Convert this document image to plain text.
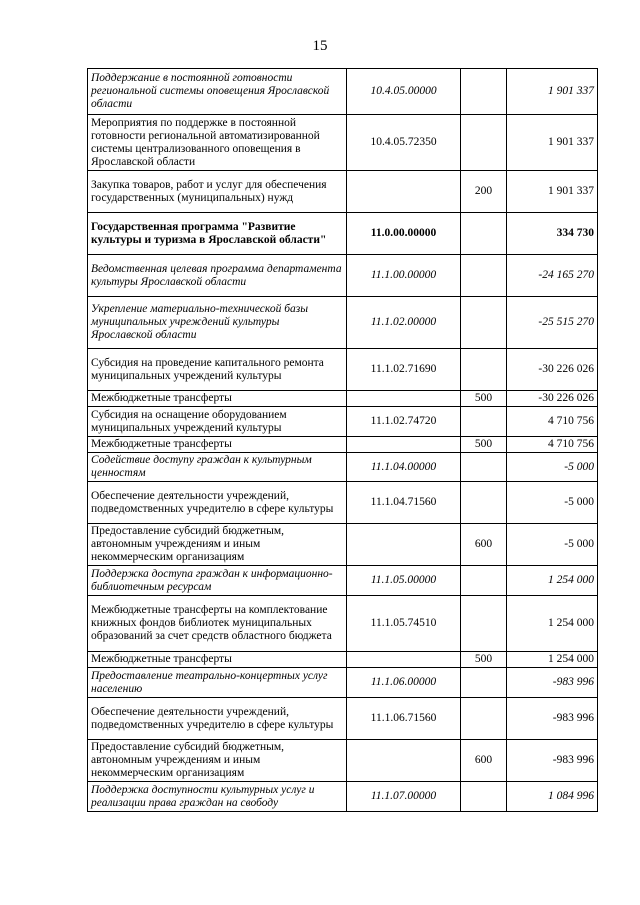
15
Поддержание в постоянной готовности региональной системы оповещения Ярославской области	10.4.05.00000		1 901 337
Мероприятия по поддержке в постоянной готовности региональной автоматизированной системы централизованного оповещения в Ярославской области	10.4.05.72350		1 901 337
Закупка товаров, работ и услуг для обеспечения государственных (муниципальных) нужд		200	1 901 337
Государственная программа "Развитие культуры и туризма в Ярославской области"	11.0.00.00000		334 730
Ведомственная целевая программа департамента культуры Ярославской области	11.1.00.00000		-24 165 270
Укрепление материально-технической базы муниципальных учреждений культуры Ярославской области	11.1.02.00000		-25 515 270
Субсидия на проведение капитального ремонта муниципальных учреждений культуры	11.1.02.71690		-30 226 026
Межбюджетные трансферты		500	-30 226 026
Субсидия на оснащение оборудованием муниципальных учреждений культуры	11.1.02.74720		4 710 756
Межбюджетные трансферты		500	4 710 756
Содействие доступу граждан к культурным ценностям	11.1.04.00000		-5 000
Обеспечение деятельности учреждений, подведомственных учредителю в сфере культуры	11.1.04.71560		-5 000
Предоставление субсидий бюджетным, автономным учреждениям и иным некоммерческим организациям		600	-5 000
Поддержка доступа граждан к информационно-библиотечным ресурсам	11.1.05.00000		1 254 000
Межбюджетные трансферты на комплектование книжных фондов библиотек муниципальных образований за счет средств областного бюджета	11.1.05.74510		1 254 000
Межбюджетные трансферты		500	1 254 000
Предоставление театрально-концертных услуг населению	11.1.06.00000		-983 996
Обеспечение деятельности учреждений, подведомственных учредителю в сфере культуры	11.1.06.71560		-983 996
Предоставление субсидий бюджетным, автономным учреждениям и иным некоммерческим организациям		600	-983 996
Поддержка доступности культурных услуг и реализации права граждан на свободу	11.1.07.00000		1 084 996
